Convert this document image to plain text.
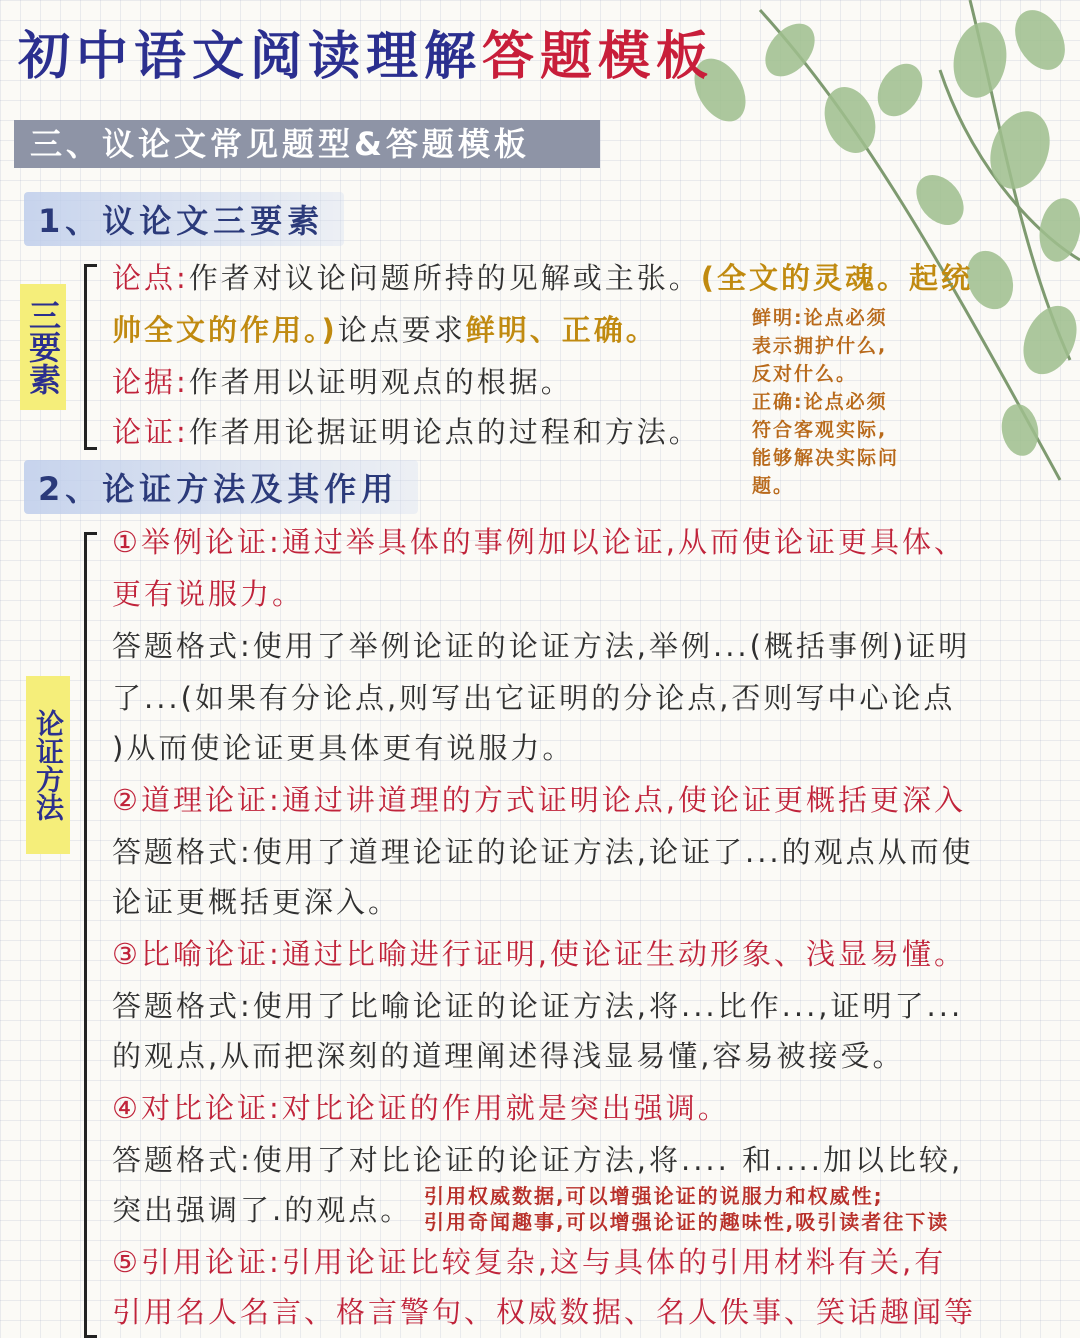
初中语文阅读理解答题模板
三、议论文常见题型&答题模板
1、议论文三要素
三要素
论点:作者对议论问题所持的见解或主张。(全文的灵魂。起统
帅全文的作用。)论点要求鲜明、正确。
论据:作者用以证明观点的根据。
论证:作者用论据证明论点的过程和方法。
鲜明:论点必须
表示拥护什么,
反对什么。
正确:论点必须
符合客观实际,
能够解决实际问
题。
2、论证方法及其作用
论证方法
①举例论证:通过举具体的事例加以论证,从而使论证更具体、
更有说服力。
答题格式:使用了举例论证的论证方法,举例...(概括事例)证明
了...(如果有分论点,则写出它证明的分论点,否则写中心论点
)从而使论证更具体更有说服力。
②道理论证:通过讲道理的方式证明论点,使论证更概括更深入
答题格式:使用了道理论证的论证方法,论证了...的观点从而使
论证更概括更深入。
③比喻论证:通过比喻进行证明,使论证生动形象、浅显易懂。
答题格式:使用了比喻论证的论证方法,将...比作...,证明了...
的观点,从而把深刻的道理阐述得浅显易懂,容易被接受。
④对比论证:对比论证的作用就是突出强调。
答题格式:使用了对比论证的论证方法,将.... 和....加以比较,
突出强调了.的观点。 引用权威数据,可以增强论证的说服力和权威性;
引用奇闻趣事,可以增强论证的趣味性,吸引读者往下读
⑤引用论证:引用论证比较复杂,这与具体的引用材料有关,有
引用名人名言、格言警句、权威数据、名人佚事、笑话趣闻等
